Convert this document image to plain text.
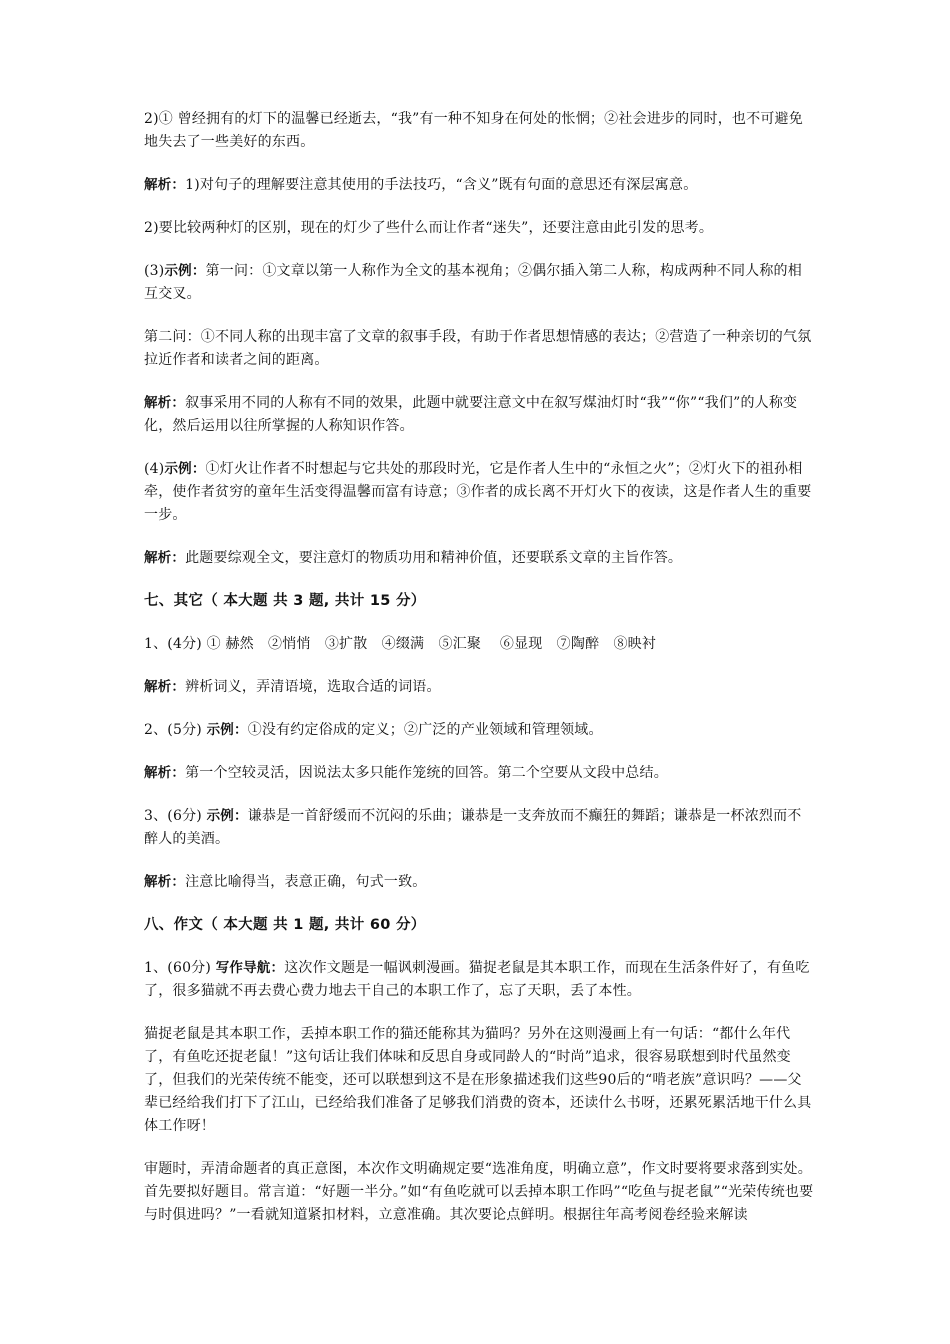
2)① 曾经拥有的灯下的温馨已经逝去，“我”有一种不知身在何处的怅惘；②社会进步的同时，也不可避免地失去了一些美好的东西。

解析：1)对句子的理解要注意其使用的手法技巧，“含义”既有句面的意思还有深层寓意。

2)要比较两种灯的区别，现在的灯少了些什么而让作者“迷失”，还要注意由此引发的思考。

(3)示例：第一问：①文章以第一人称作为全文的基本视角；②偶尔插入第二人称，构成两种不同人称的相互交叉。

第二问：①不同人称的出现丰富了文章的叙事手段，有助于作者思想情感的表达；②营造了一种亲切的气氛拉近作者和读者之间的距离。

解析：叙事采用不同的人称有不同的效果，此题中就要注意文中在叙写煤油灯时“我”“你”“我们”的人称变化，然后运用以往所掌握的人称知识作答。

(4)示例：①灯火让作者不时想起与它共处的那段时光，它是作者人生中的“永恒之火”；②灯火下的祖孙相牵，使作者贫穷的童年生活变得温馨而富有诗意；③作者的成长离不开灯火下的夜读，这是作者人生的重要一步。

解析：此题要综观全文，要注意灯的物质功用和精神价值，还要联系文章的主旨作答。

七、其它（ 本大题 共 3 题, 共计 15 分）

1、(4分) ① 赫然　②悄悄　③扩散　④缀满　⑤汇聚　 ⑥显现　⑦陶醉　⑧映衬

解析：辨析词义，弄清语境，选取合适的词语。

2、(5分) 示例：①没有约定俗成的定义；②广泛的产业领域和管理领域。

解析：第一个空较灵活，因说法太多只能作笼统的回答。第二个空要从文段中总结。

3、(6分) 示例：谦恭是一首舒缓而不沉闷的乐曲；谦恭是一支奔放而不癫狂的舞蹈；谦恭是一杯浓烈而不醉人的美酒。

解析：注意比喻得当，表意正确，句式一致。

八、作文（ 本大题 共 1 题, 共计 60 分）

1、(60分) 写作导航：这次作文题是一幅讽刺漫画。猫捉老鼠是其本职工作，而现在生活条件好了，有鱼吃了，很多猫就不再去费心费力地去干自己的本职工作了，忘了天职，丢了本性。

猫捉老鼠是其本职工作，丢掉本职工作的猫还能称其为猫吗？另外在这则漫画上有一句话：“都什么年代了，有鱼吃还捉老鼠！”这句话让我们体味和反思自身或同龄人的“时尚”追求，很容易联想到时代虽然变了，但我们的光荣传统不能变，还可以联想到这不是在形象描述我们这些90后的“啃老族”意识吗？——父辈已经给我们打下了江山，已经给我们准备了足够我们消费的资本，还读什么书呀，还累死累活地干什么具体工作呀！

审题时，弄清命题者的真正意图，本次作文明确规定要“选准角度，明确立意”，作文时要将要求落到实处。首先要拟好题目。常言道：“好题一半分。”如“有鱼吃就可以丢掉本职工作吗”“吃鱼与捉老鼠”“光荣传统也要与时俱进吗？”一看就知道紧扣材料，立意准确。其次要论点鲜明。根据往年高考阅卷经验来解读
